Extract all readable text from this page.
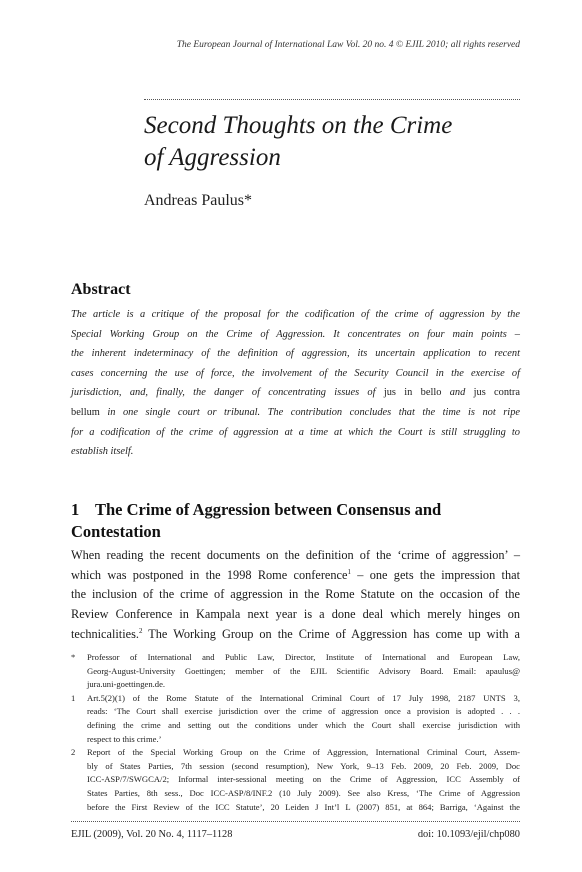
The European Journal of International Law Vol. 20 no. 4 © EJIL 2010; all rights reserved
Second Thoughts on the Crime
of Aggression
Andreas Paulus*
Abstract
The article is a critique of the proposal for the codification of the crime of aggression by the
Special Working Group on the Crime of Aggression. It concentrates on four main points –
the inherent indeterminacy of the definition of aggression, its uncertain application to recent
cases concerning the use of force, the involvement of the Security Council in the exercise of
jurisdiction, and, finally, the danger of concentrating issues of jus in bello and jus contra
bellum in one single court or tribunal. The contribution concludes that the time is not ripe
for a codification of the crime of aggression at a time at which the Court is still struggling to
establish itself.
1 The Crime of Aggression between Consensus and
Contestation
When reading the recent documents on the definition of the ‘crime of aggression’ –
which was postponed in the 1998 Rome conference$^1$ – one gets the impression that
the inclusion of the crime of aggression in the Rome Statute on the occasion of the
Review Conference in Kampala next year is a done deal which merely hinges on
technicalities.$^2$ The Working Group on the Crime of Aggression has come up with a
*	Professor of International and Public Law, Director, Institute of International and European Law,
Georg-August-University Goettingen; member of the EJIL Scientific Advisory Board. Email: apaulus@
jura.uni-goettingen.de.
1	Art.5(2)(1) of the Rome Statute of the International Criminal Court of 17 July 1998, 2187 UNTS 3,
reads: ‘The Court shall exercise jurisdiction over the crime of aggression once a provision is adopted . . .
defining the crime and setting out the conditions under which the Court shall exercise jurisdiction with
respect to this crime.’
2	Report of the Special Working Group on the Crime of Aggression, International Criminal Court, Assem-
bly of States Parties, 7th session (second resumption), New York, 9–13 Feb. 2009, 20 Feb. 2009, Doc
ICC-ASP/7/SWGCA/2; Informal inter-sessional meeting on the Crime of Aggression, ICC Assembly of
States Parties, 8th sess., Doc ICC-ASP/8/INF.2 (10 July 2009). See also Kress, ‘The Crime of Aggression
before the First Review of the ICC Statute’, 20 Leiden J Int’l L (2007) 851, at 864; Barriga, ‘Against the
EJIL (2009), Vol. 20 No. 4, 1117–1128	doi: 10.1093/ejil/chp080
